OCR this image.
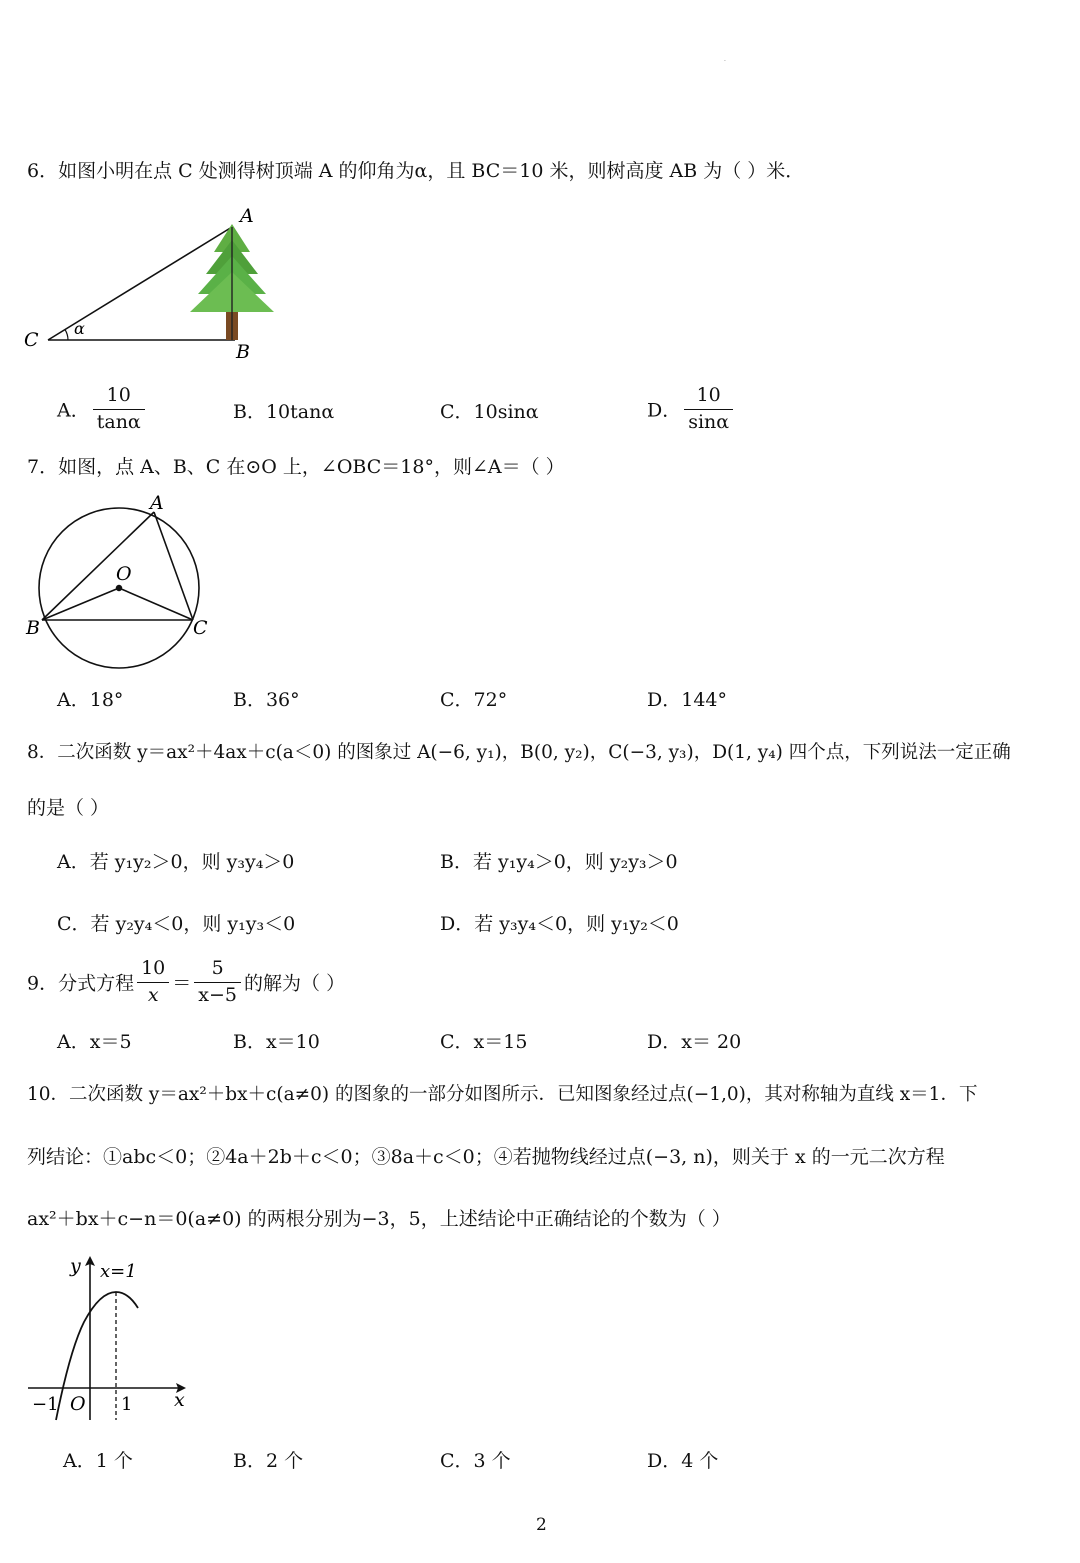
·
6．如图小明在点 C 处测得树顶端 A 的仰角为α，且 BC＝10 米，则树高度 AB 为（ ）米．
A
B
C
α
A． $\frac{10}{\tan\alpha}$	B．10tanα	C．10sinα	D． $\frac{10}{\sin\alpha}$
7．如图，点 A、B、C 在⊙O 上，∠OBC＝18°，则∠A＝（ ）
A
B	C
O
A．18°	B．36°	C．72°	D．144°
8．二次函数 y＝ax²＋4ax＋c(a＜0) 的图象过 A(−6, y₁)，B(0, y₂)，C(−3, y₃)，D(1, y₄) 四个点，下列说法一定正确
的是（ ）
A．若 y₁y₂＞0，则 y₃y₄＞0	B．若 y₁y₄＞0，则 y₂y₃＞0
C．若 y₂y₄＜0，则 y₁y₃＜0	D．若 y₃y₄＜0，则 y₁y₂＜0
9．分式方程 $\frac{10}{x} = \frac{5}{x-5}$ 的解为（ ）
A．x＝5	B．x＝10	C．x＝15	D．x＝ 20
10．二次函数 y＝ax²＋bx＋c(a≠0) 的图象的一部分如图所示．已知图象经过点(−1,0)，其对称轴为直线 x＝1．下
列结论：①abc＜0；②4a＋2b＋c＜0；③8a＋c＜0；④若抛物线经过点(−3, n)，则关于 x 的一元二次方程
ax²＋bx＋c−n＝0(a≠0) 的两根分别为−3，5，上述结论中正确结论的个数为（ ）
y x=1
x
−1 O 1
A．1 个	B．2 个	C．3 个	D．4 个
2
